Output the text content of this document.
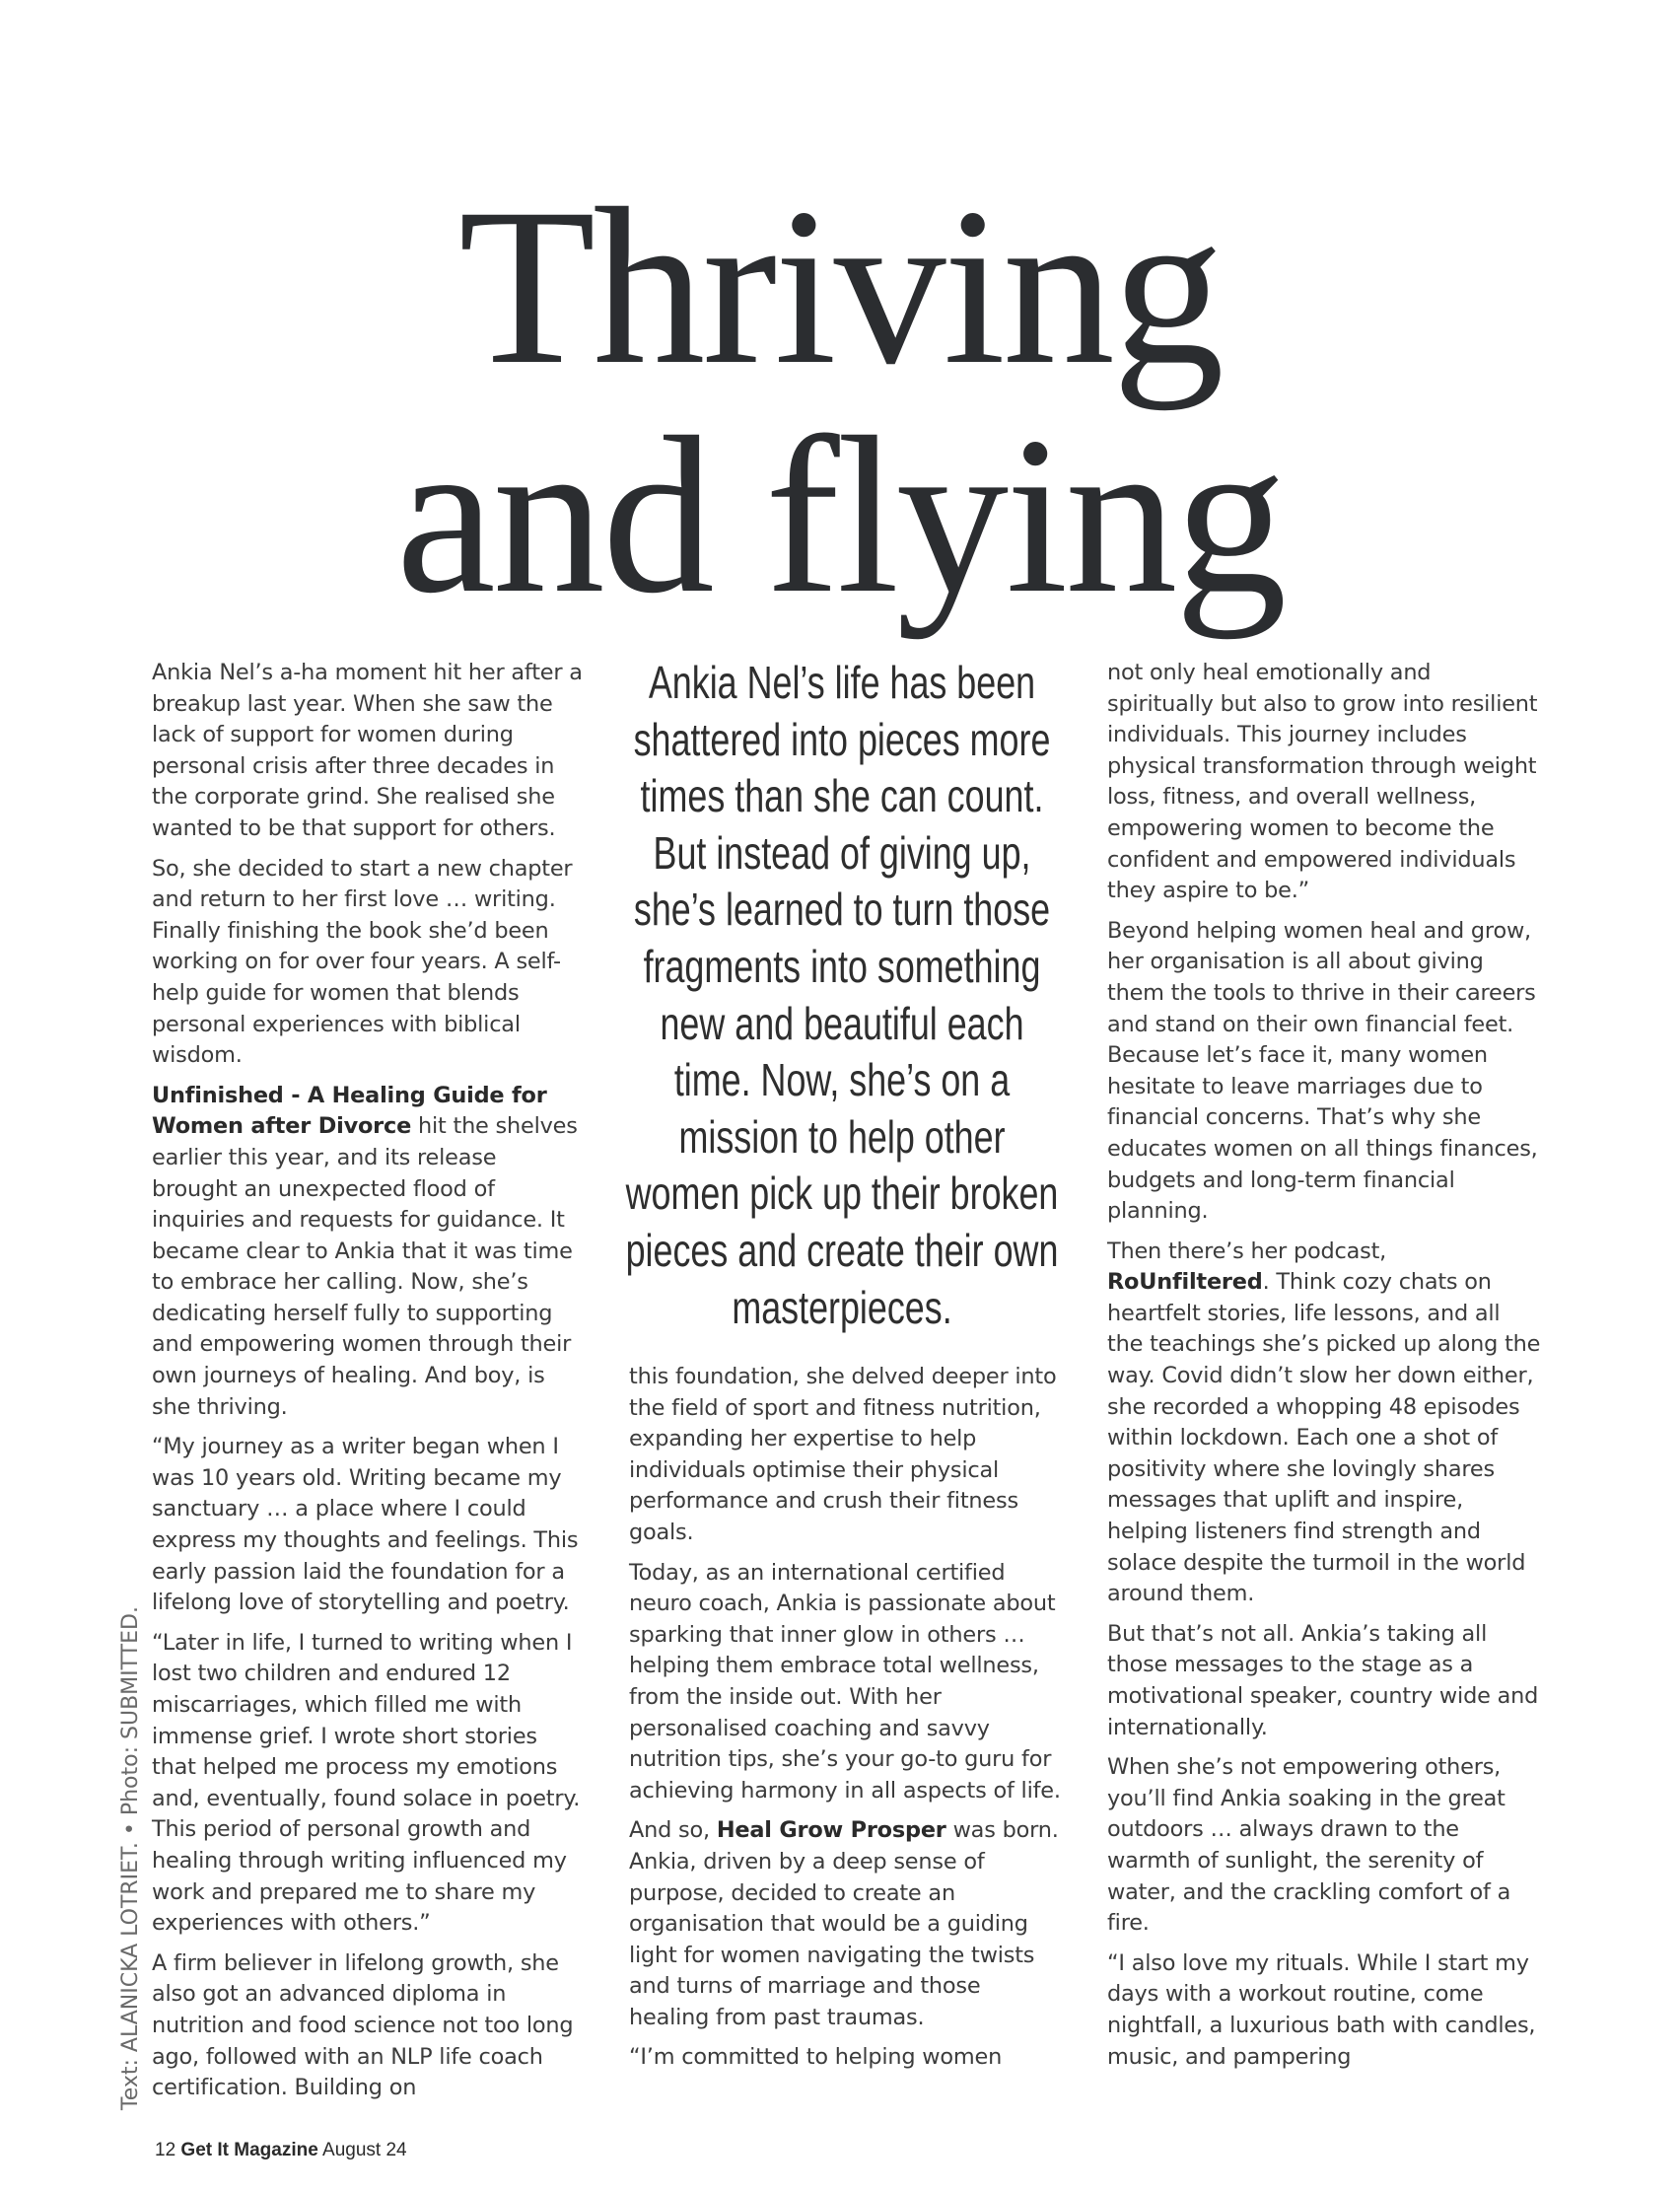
Thriving
and flying

Ankia Nel’s a-ha moment hit her after a breakup last year. When she saw the lack of support for women during personal crisis after three decades in the corporate grind. She realised she wanted to be that support for others.

So, she decided to start a new chapter and return to her first love … writing. Finally finishing the book she’d been working on for over four years. A self-help guide for women that blends personal experiences with biblical wisdom.

Unfinished - A Healing Guide for Women after Divorce hit the shelves earlier this year, and its release brought an unexpected flood of inquiries and requests for guidance. It became clear to Ankia that it was time to embrace her calling. Now, she’s dedicating herself fully to supporting and empowering women through their own journeys of healing. And boy, is she thriving.

“My journey as a writer began when I was 10 years old. Writing became my sanctuary … a place where I could express my thoughts and feelings. This early passion laid the foundation for a lifelong love of storytelling and poetry.

“Later in life, I turned to writing when I lost two children and endured 12 miscarriages, which filled me with immense grief. I wrote short stories that helped me process my emotions and, eventually, found solace in poetry. This period of personal growth and healing through writing influenced my work and prepared me to share my experiences with others.”

A firm believer in lifelong growth, she also got an advanced diploma in nutrition and food science not too long ago, followed with an NLP life coach certification. Building on

Ankia Nel’s life has been shattered into pieces more times than she can count. But instead of giving up, she’s learned to turn those fragments into something new and beautiful each time. Now, she’s on a mission to help other women pick up their broken pieces and create their own masterpieces.

this foundation, she delved deeper into the field of sport and fitness nutrition, expanding her expertise to help individuals optimise their physical performance and crush their fitness goals.

Today, as an international certified neuro coach, Ankia is passionate about sparking that inner glow in others … helping them embrace total wellness, from the inside out. With her personalised coaching and savvy nutrition tips, she’s your go-to guru for achieving harmony in all aspects of life.

And so, Heal Grow Prosper was born. Ankia, driven by a deep sense of purpose, decided to create an organisation that would be a guiding light for women navigating the twists and turns of marriage and those healing from past traumas.

“I’m committed to helping women

not only heal emotionally and spiritually but also to grow into resilient individuals. This journey includes physical transformation through weight loss, fitness, and overall wellness, empowering women to become the confident and empowered individuals they aspire to be.”

Beyond helping women heal and grow, her organisation is all about giving them the tools to thrive in their careers and stand on their own financial feet. Because let’s face it, many women hesitate to leave marriages due to financial concerns. That’s why she educates women on all things finances, budgets and long-term financial planning.

Then there’s her podcast, RoUnfiltered. Think cozy chats on heartfelt stories, life lessons, and all the teachings she’s picked up along the way. Covid didn’t slow her down either, she recorded a whopping 48 episodes within lockdown. Each one a shot of positivity where she lovingly shares messages that uplift and inspire, helping listeners find strength and solace despite the turmoil in the world around them.

But that’s not all. Ankia’s taking all those messages to the stage as a motivational speaker, country wide and internationally.

When she’s not empowering others, you’ll find Ankia soaking in the great outdoors … always drawn to the warmth of sunlight, the serenity of water, and the crackling comfort of a fire.

“I also love my rituals. While I start my days with a workout routine, come nightfall, a luxurious bath with candles, music, and pampering

Text: ALANICKA LOTRIET. • Photo: SUBMITTED.
12 Get It Magazine August 24
